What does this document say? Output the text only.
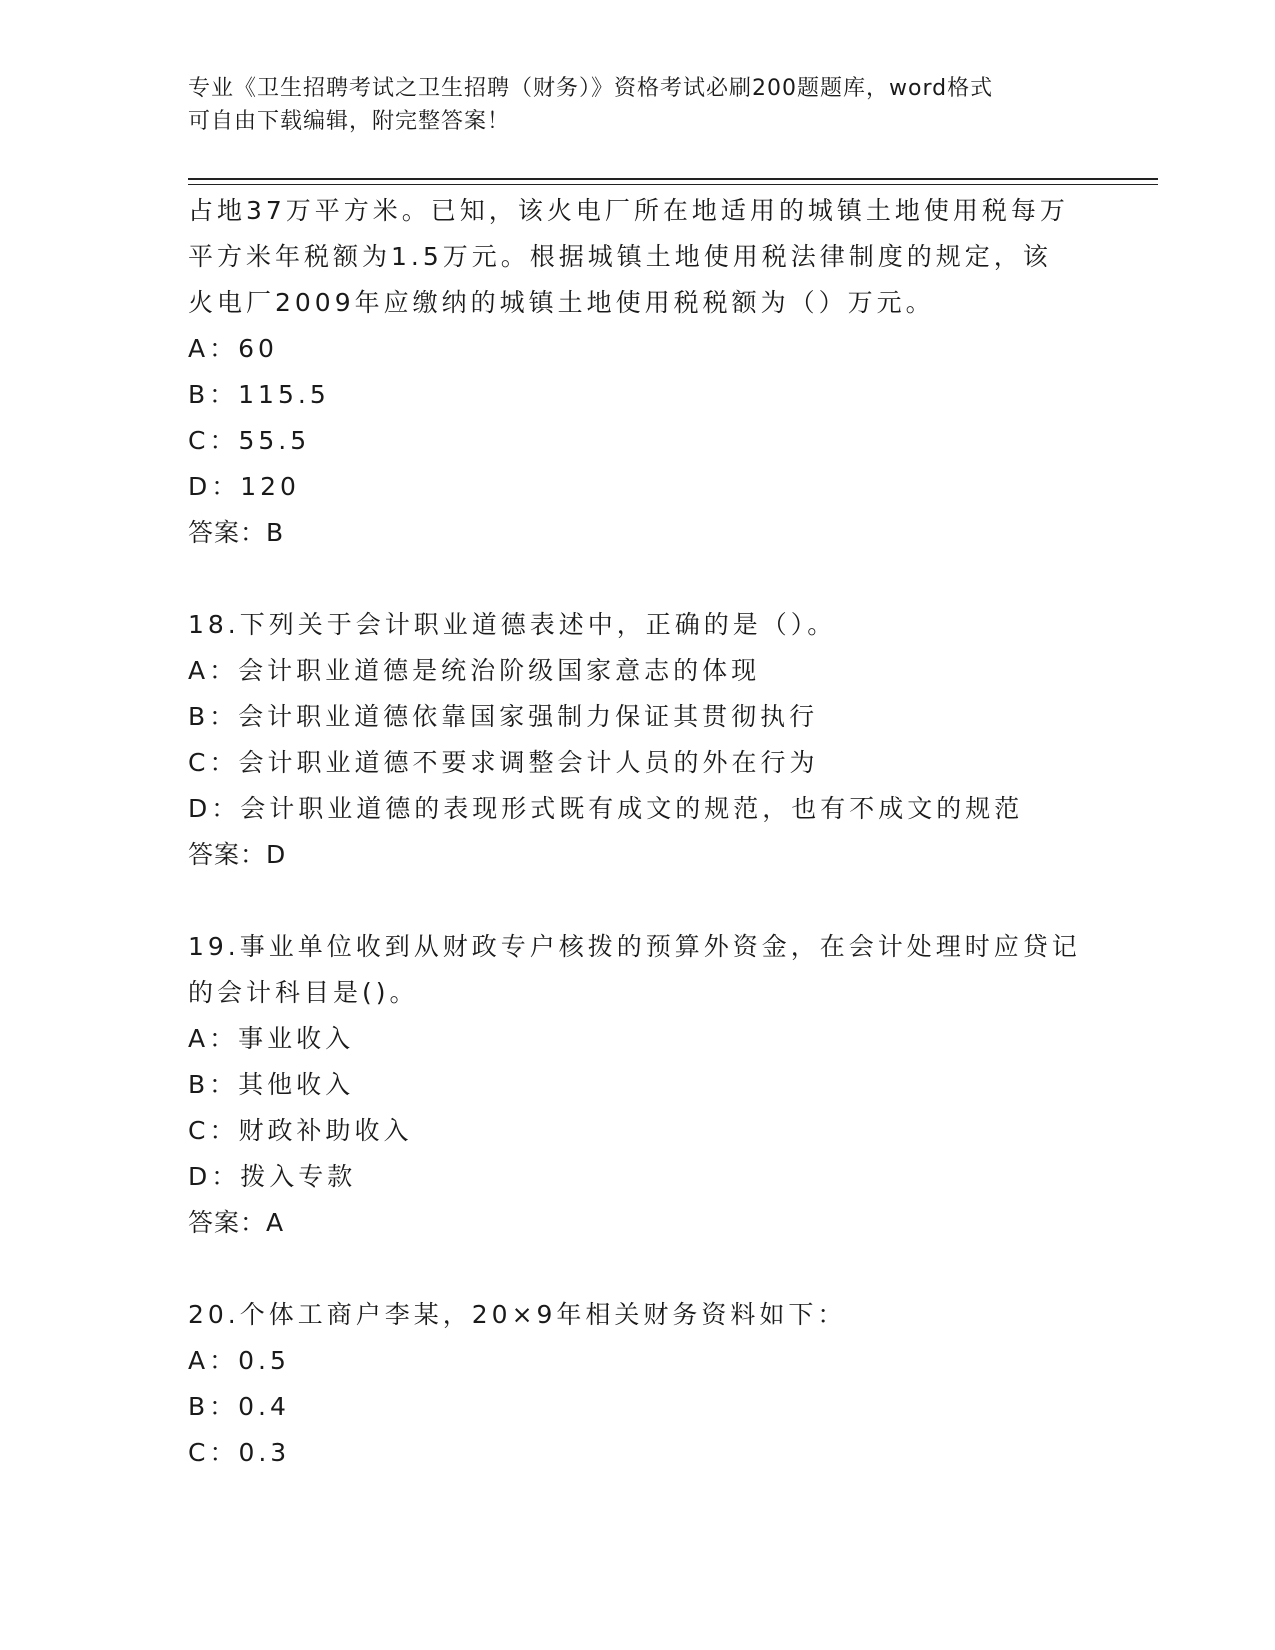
专业《卫生招聘考试之卫生招聘（财务）》资格考试必刷200题题库，word格式
可自由下载编辑，附完整答案！
占地37万平方米。已知，该火电厂所在地适用的城镇土地使用税每万
平方米年税额为1.5万元。根据城镇土地使用税法律制度的规定，该
火电厂2009年应缴纳的城镇土地使用税税额为（）万元。
A：60
B：115.5
C：55.5
D：120
答案：B
18.下列关于会计职业道德表述中，正确的是（）。
A：会计职业道德是统治阶级国家意志的体现
B：会计职业道德依靠国家强制力保证其贯彻执行
C：会计职业道德不要求调整会计人员的外在行为
D：会计职业道德的表现形式既有成文的规范，也有不成文的规范
答案：D
19.事业单位收到从财政专户核拨的预算外资金，在会计处理时应贷记
的会计科目是()。
A：事业收入
B：其他收入
C：财政补助收入
D：拨入专款
答案：A
20.个体工商户李某，20×9年相关财务资料如下：
A：0.5
B：0.4
C：0.3
